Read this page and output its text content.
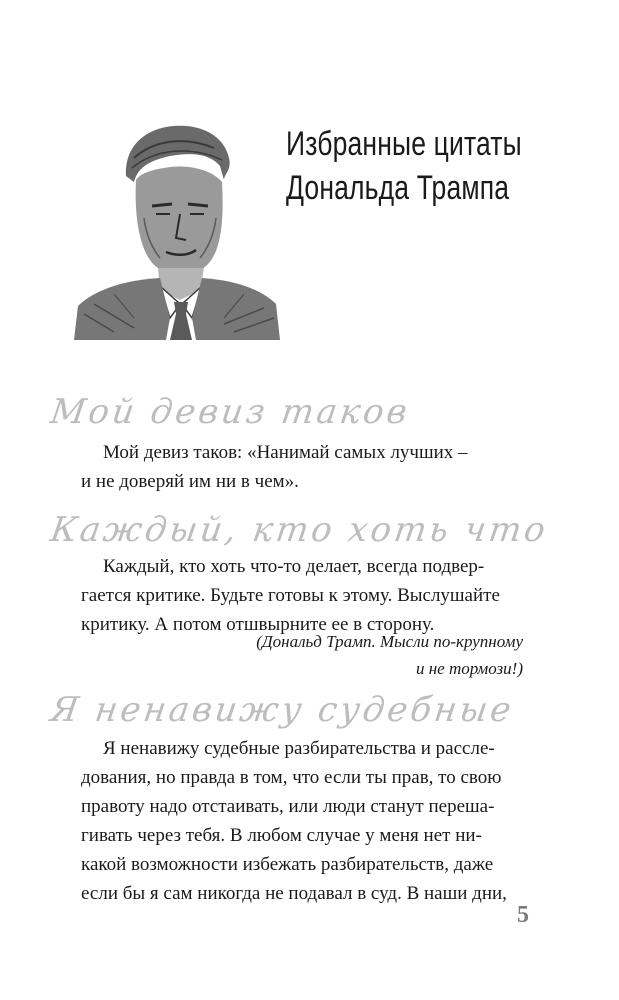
Избранные цитаты
Дональда Трампа
Мой девиз таков
Мой девиз таков: «Нанимай самых лучших –
и не доверяй им ни в чем».
Каждый, кто хоть что
Каждый, кто хоть что-то делает, всегда подвер-
гается критике. Будьте готовы к этому. Выслушайте
критику. А потом отшвырните ее в сторону.
(Дональд Трамп. Мысли по-крупному
и не тормози!)
Я ненавижу судебные
Я ненавижу судебные разбирательства и рассле-
дования, но правда в том, что если ты прав, то свою
правоту надо отстаивать, или люди станут переша-
гивать через тебя. В любом случае у меня нет ни-
какой возможности избежать разбирательств, даже
если бы я сам никогда не подавал в суд. В наши дни,
5
